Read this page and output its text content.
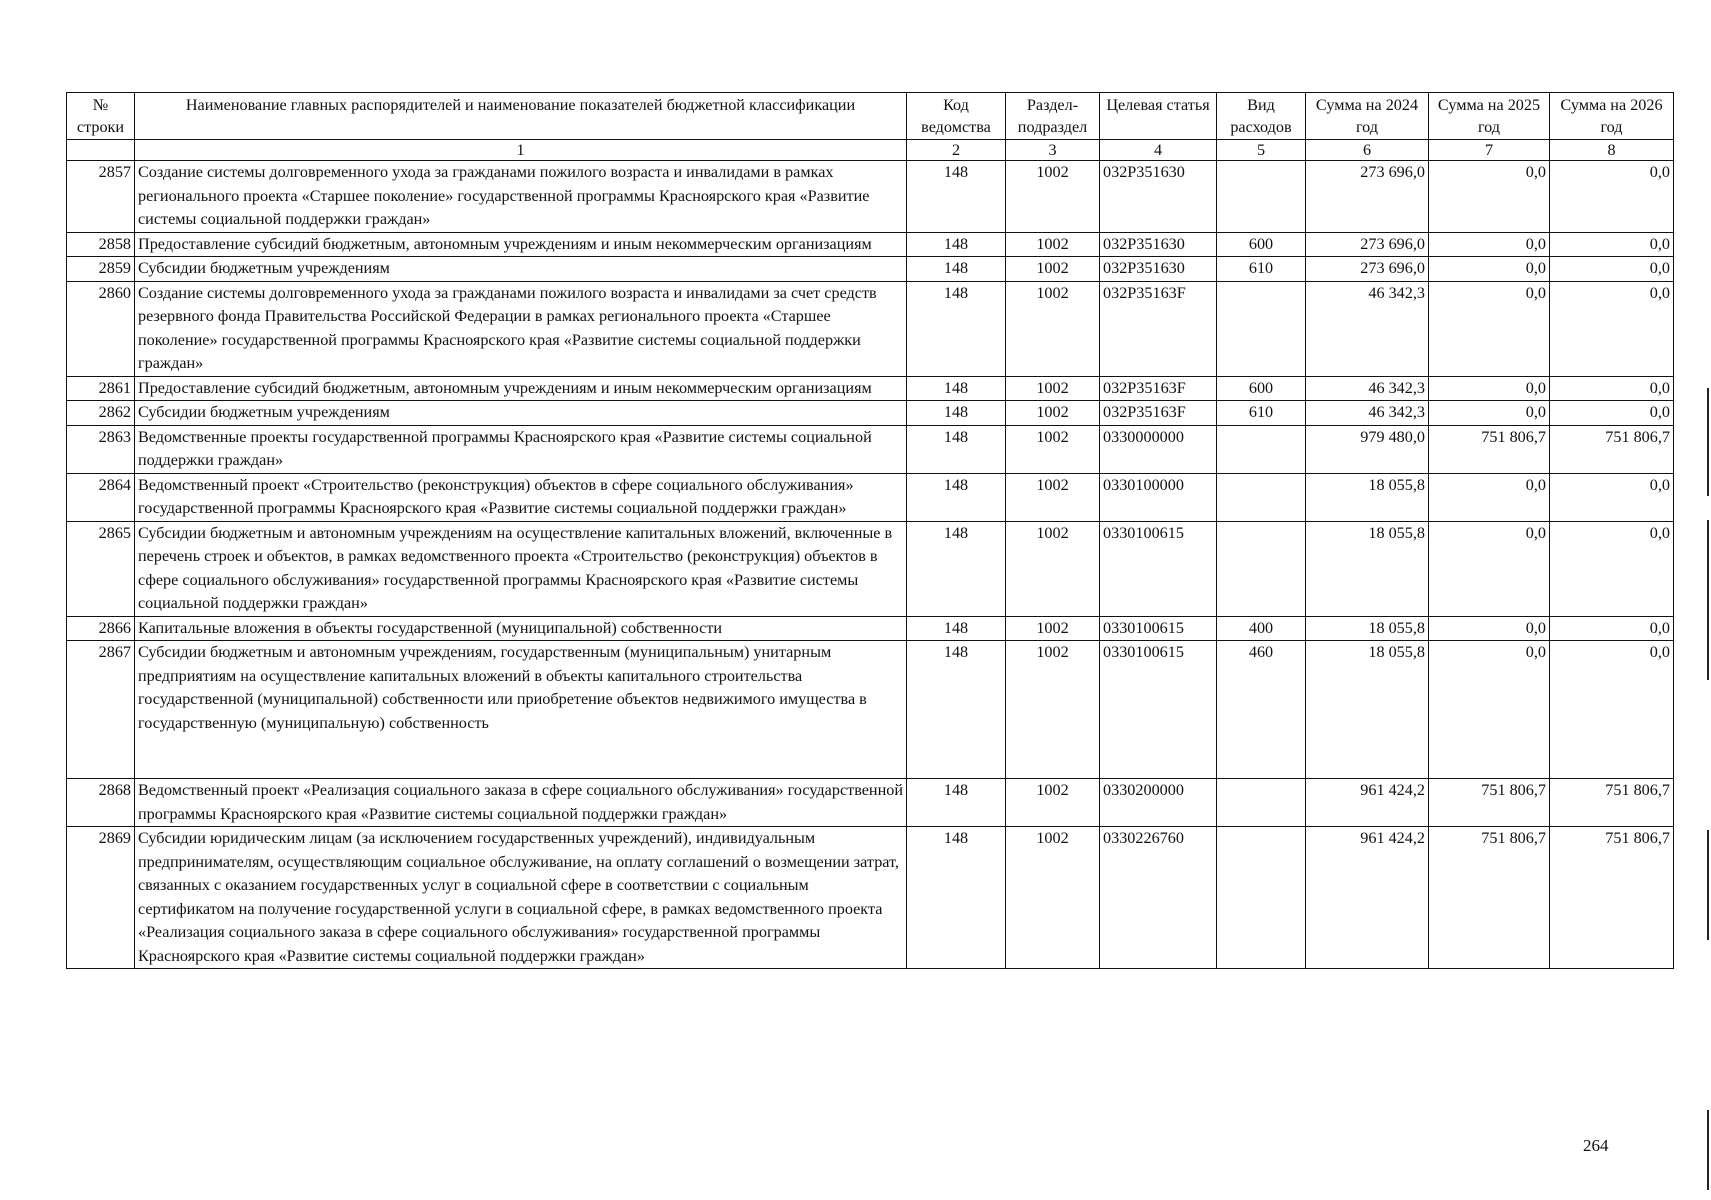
№ строки	Наименование главных распорядителей и наименование показателей бюджетной классификации	Код ведомства	Раздел-подраздел	Целевая статья	Вид расходов	Сумма на 2024 год	Сумма на 2025 год	Сумма на 2026 год
	1	2	3	4	5	6	7	8
2857	Создание системы долговременного ухода за гражданами пожилого возраста и инвалидами в рамках регионального проекта «Старшее поколение» государственной программы Красноярского края «Развитие системы социальной поддержки граждан»	148	1002	032P351630		273 696,0	0,0	0,0
2858	Предоставление субсидий бюджетным, автономным учреждениям и иным некоммерческим организациям	148	1002	032P351630	600	273 696,0	0,0	0,0
2859	Субсидии бюджетным учреждениям	148	1002	032P351630	610	273 696,0	0,0	0,0
2860	Создание системы долговременного ухода за гражданами пожилого возраста и инвалидами за счет средств резервного фонда Правительства Российской Федерации в рамках регионального проекта «Старшее поколение» государственной программы Красноярского края «Развитие системы социальной поддержки граждан»	148	1002	032P35163F		46 342,3	0,0	0,0
2861	Предоставление субсидий бюджетным, автономным учреждениям и иным некоммерческим организациям	148	1002	032P35163F	600	46 342,3	0,0	0,0
2862	Субсидии бюджетным учреждениям	148	1002	032P35163F	610	46 342,3	0,0	0,0
2863	Ведомственные проекты государственной программы Красноярского края «Развитие системы социальной поддержки граждан»	148	1002	0330000000		979 480,0	751 806,7	751 806,7
2864	Ведомственный проект «Строительство (реконструкция) объектов в сфере социального обслуживания» государственной программы Красноярского края «Развитие системы социальной поддержки граждан»	148	1002	0330100000		18 055,8	0,0	0,0
2865	Субсидии бюджетным и автономным учреждениям на осуществление капитальных вложений, включенные в перечень строек и объектов, в рамках ведомственного проекта «Строительство (реконструкция) объектов в сфере социального обслуживания» государственной программы Красноярского края «Развитие системы социальной поддержки граждан»	148	1002	0330100615		18 055,8	0,0	0,0
2866	Капитальные вложения в объекты государственной (муниципальной) собственности	148	1002	0330100615	400	18 055,8	0,0	0,0
2867	Субсидии бюджетным и автономным учреждениям, государственным (муниципальным) унитарным предприятиям на осуществление капитальных вложений в объекты капитального строительства государственной (муниципальной) собственности или приобретение объектов недвижимого имущества в государственную (муниципальную) собственность	148	1002	0330100615	460	18 055,8	0,0	0,0
2868	Ведомственный проект «Реализация социального заказа в сфере социального обслуживания» государственной программы Красноярского края «Развитие системы социальной поддержки граждан»	148	1002	0330200000		961 424,2	751 806,7	751 806,7
2869	Субсидии юридическим лицам (за исключением государственных учреждений), индивидуальным предпринимателям, осуществляющим социальное обслуживание, на оплату соглашений о возмещении затрат, связанных с оказанием государственных услуг в социальной сфере в соответствии с социальным сертификатом на получение государственной услуги в социальной сфере, в рамках ведомственного проекта «Реализация социального заказа в сфере социального обслуживания» государственной программы Красноярского края «Развитие системы социальной поддержки граждан»	148	1002	0330226760		961 424,2	751 806,7	751 806,7
264
